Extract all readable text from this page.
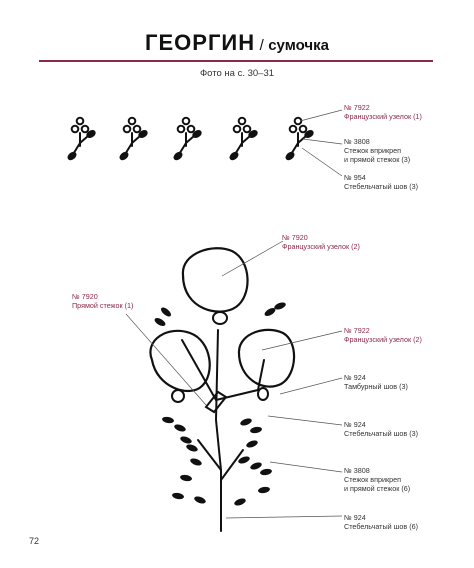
ГЕОРГИН / сумочка
Фото на с. 30–31
№ 7922
Французский узелок (1)
№ 3808
Стежок вприкреп
и прямой стежок (3)
№ 954
Стебельчатый шов (3)
№ 7920
Французский узелок (2)
№ 7920
Прямой стежок (1)
№ 7922
Французский узелок (2)
№ 924
Тамбурный шов (3)
№ 924
Стебельчатый шов (3)
№ 3808
Стежок вприкреп
и прямой стежок (6)
№ 924
Стебельчатый шов (6)
72
